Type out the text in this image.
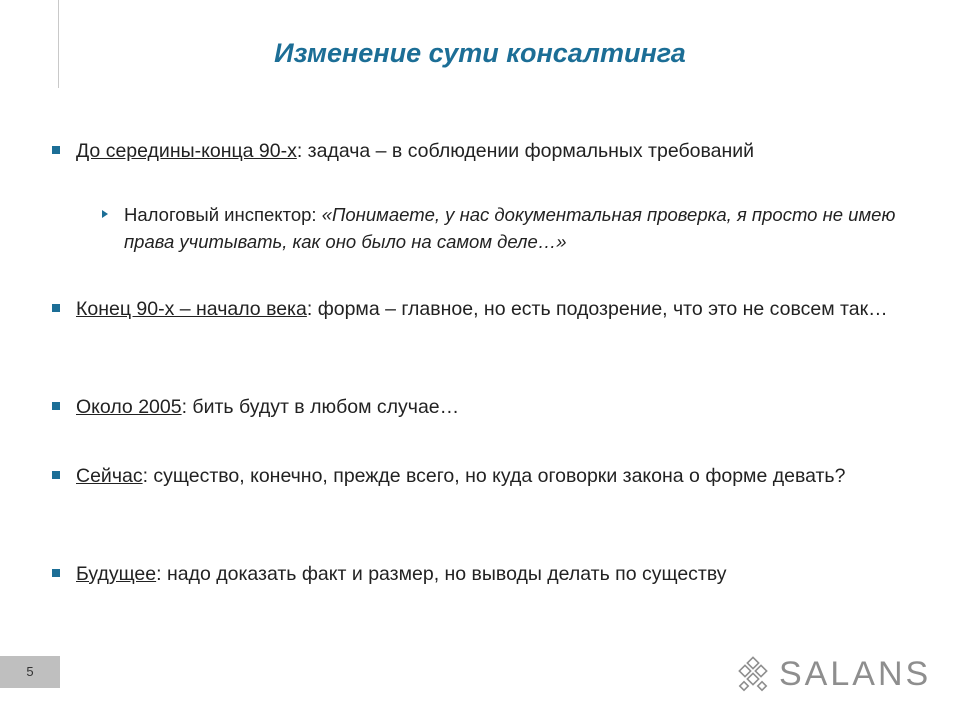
Изменение сути консалтинга
До середины-конца 90-х: задача – в соблюдении формальных требований
Налоговый инспектор: «Понимаете, у нас документальная проверка, я просто не имею права учитывать, как оно было на самом деле…»
Конец 90-х – начало века: форма – главное, но есть подозрение, что это не совсем так…
Около 2005: бить будут в любом случае…
Сейчас: существо, конечно, прежде всего, но куда оговорки закона о форме девать?
Будущее: надо доказать факт и размер, но выводы делать по существу
5	SALANS
